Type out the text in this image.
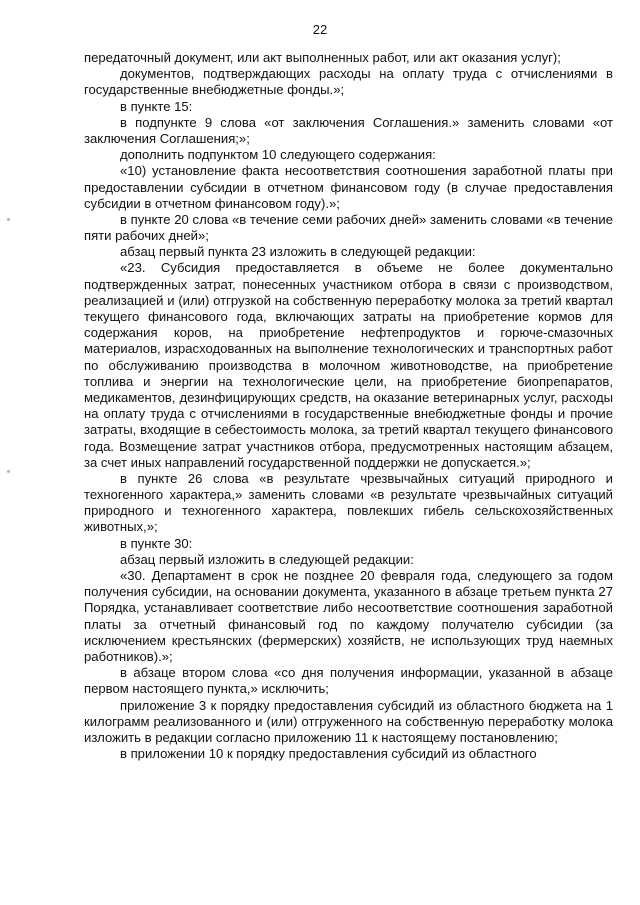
22

передаточный документ, или акт выполненных работ, или акт оказания услуг);

документов, подтверждающих расходы на оплату труда с отчислениями в государственные внебюджетные фонды.»;

в пункте 15:

в подпункте 9 слова «от заключения Соглашения.» заменить словами «от заключения Соглашения;»;

дополнить подпунктом 10 следующего содержания:

«10) установление факта несоответствия соотношения заработной платы при предоставлении субсидии в отчетном финансовом году (в случае предоставления субсидии в отчетном финансовом году).»;

в пункте 20 слова «в течение семи рабочих дней» заменить словами «в течение пяти рабочих дней»;

абзац первый пункта 23 изложить в следующей редакции:

«23. Субсидия предоставляется в объеме не более документально подтвержденных затрат, понесенных участником отбора в связи с производством, реализацией и (или) отгрузкой на собственную переработку молока за третий квартал текущего финансового года, включающих затраты на приобретение кормов для содержания коров, на приобретение нефтепродуктов и горюче-смазочных материалов, израсходованных на выполнение технологических и транспортных работ по обслуживанию производства в молочном животноводстве, на приобретение топлива и энергии на технологические цели, на приобретение биопрепаратов, медикаментов, дезинфицирующих средств, на оказание ветеринарных услуг, расходы на оплату труда с отчислениями в государственные внебюджетные фонды и прочие затраты, входящие в себестоимость молока, за третий квартал текущего финансового года. Возмещение затрат участников отбора, предусмотренных настоящим абзацем, за счет иных направлений государственной поддержки не допускается.»;

в пункте 26 слова «в результате чрезвычайных ситуаций природного и техногенного характера,» заменить словами «в результате чрезвычайных ситуаций природного и техногенного характера, повлекших гибель сельскохозяйственных животных,»;

в пункте 30:

абзац первый изложить в следующей редакции:

«30. Департамент в срок не позднее 20 февраля года, следующего за годом получения субсидии, на основании документа, указанного в абзаце третьем пункта 27 Порядка, устанавливает соответствие либо несоответствие соотношения заработной платы за отчетный финансовый год по каждому получателю субсидии (за исключением крестьянских (фермерских) хозяйств, не использующих труд наемных работников).»;

в абзаце втором слова «со дня получения информации, указанной в абзаце первом настоящего пункта,» исключить;

приложение 3 к порядку предоставления субсидий из областного бюджета на 1 килограмм реализованного и (или) отгруженного на собственную переработку молока изложить в редакции согласно приложению 11 к настоящему постановлению;

в приложении 10 к порядку предоставления субсидий из областного
